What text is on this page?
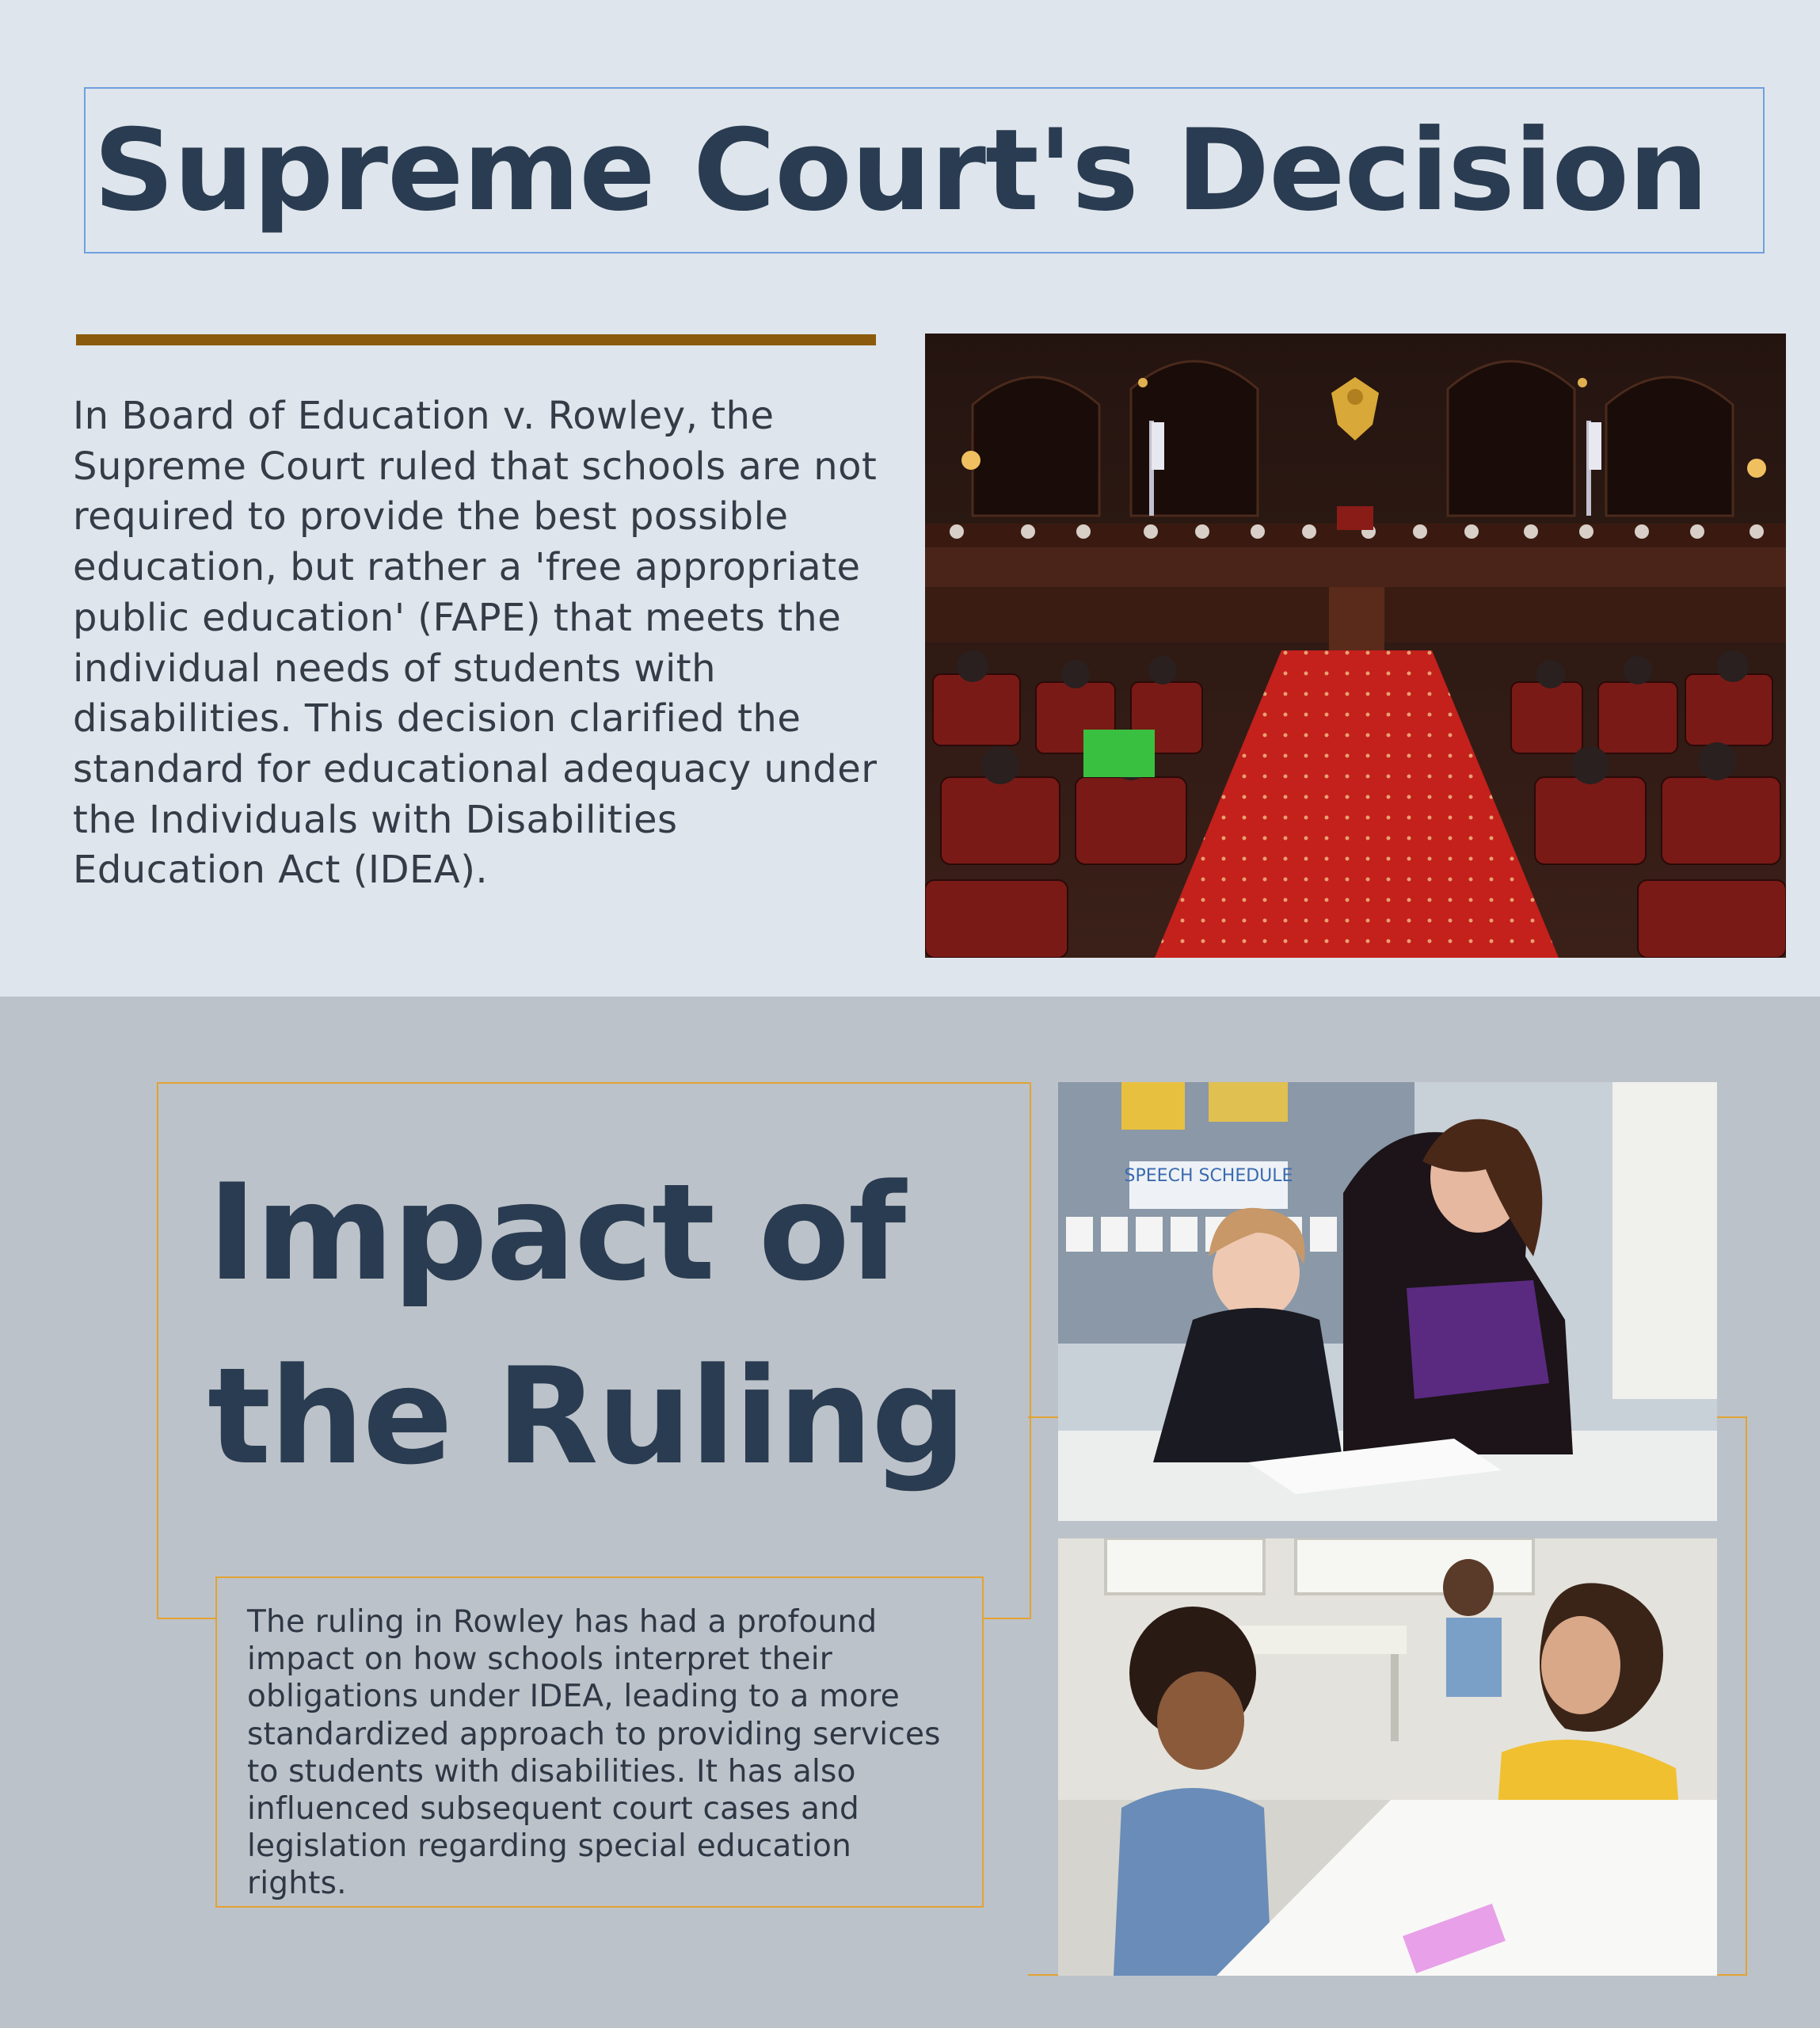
Supreme Court's Decision
In Board of Education v. Rowley, the Supreme Court ruled that schools are not required to provide the best possible education, but rather a 'free appropriate public education' (FAPE) that meets the individual needs of students with disabilities. This decision clarified the standard for educational adequacy under the Individuals with Disabilities Education Act (IDEA).
Impact of
the Ruling
The ruling in Rowley has had a profound impact on how schools interpret their obligations under IDEA, leading to a more standardized approach to providing services to students with disabilities. It has also influenced subsequent court cases and legislation regarding special education rights.
SPEECH SCHEDULE
